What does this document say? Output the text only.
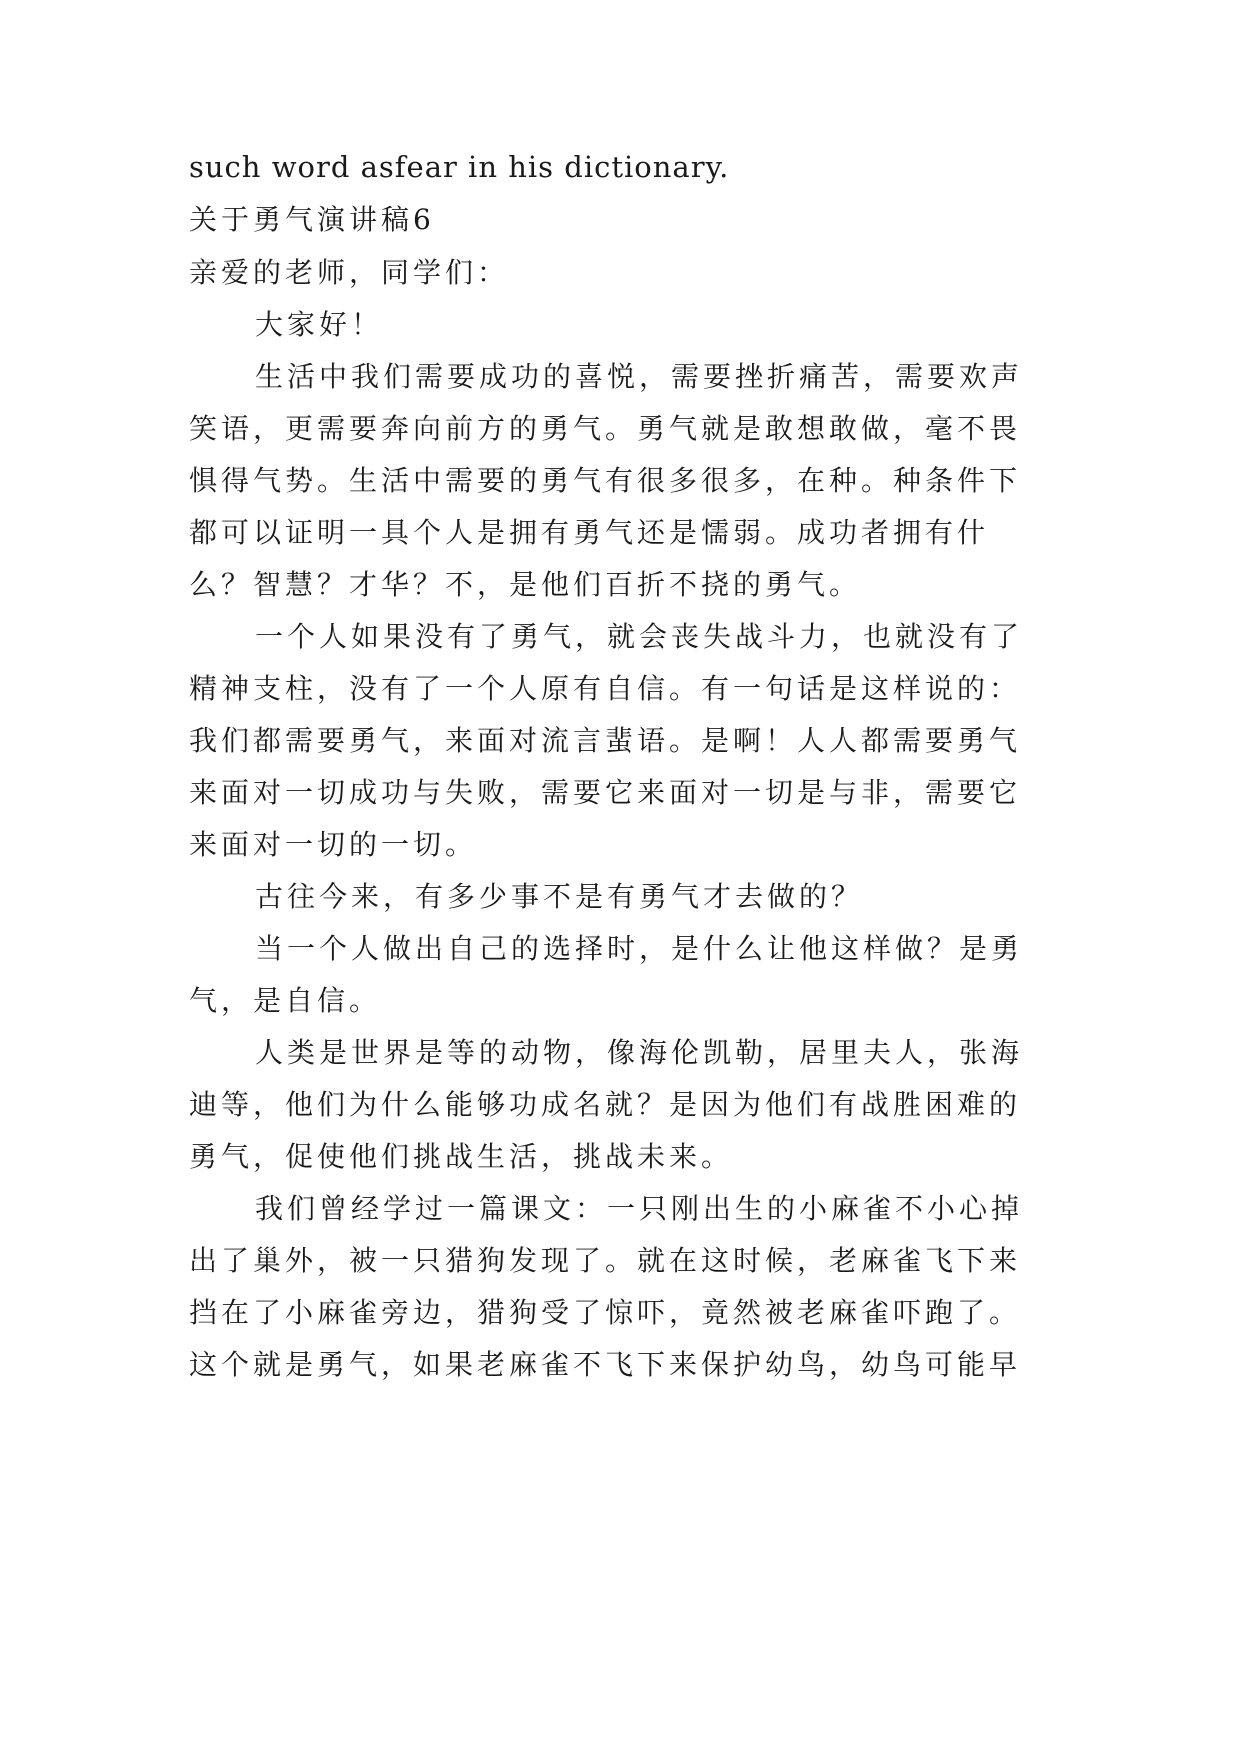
such word asfear in his dictionary.
关于勇气演讲稿6
亲爱的老师，同学们：
大家好！
生活中我们需要成功的喜悦，需要挫折痛苦，需要欢声
笑语，更需要奔向前方的勇气。勇气就是敢想敢做，毫不畏
惧得气势。生活中需要的勇气有很多很多，在种。种条件下
都可以证明一具个人是拥有勇气还是懦弱。成功者拥有什
么？智慧？才华？不，是他们百折不挠的勇气。
一个人如果没有了勇气，就会丧失战斗力，也就没有了
精神支柱，没有了一个人原有自信。有一句话是这样说的：
我们都需要勇气，来面对流言蜚语。是啊！人人都需要勇气
来面对一切成功与失败，需要它来面对一切是与非，需要它
来面对一切的一切。
古往今来，有多少事不是有勇气才去做的？
当一个人做出自己的选择时，是什么让他这样做？是勇
气，是自信。
人类是世界是等的动物，像海伦凯勒，居里夫人，张海
迪等，他们为什么能够功成名就？是因为他们有战胜困难的
勇气，促使他们挑战生活，挑战未来。
我们曾经学过一篇课文：一只刚出生的小麻雀不小心掉
出了巢外，被一只猎狗发现了。就在这时候，老麻雀飞下来
挡在了小麻雀旁边，猎狗受了惊吓，竟然被老麻雀吓跑了。
这个就是勇气，如果老麻雀不飞下来保护幼鸟，幼鸟可能早
